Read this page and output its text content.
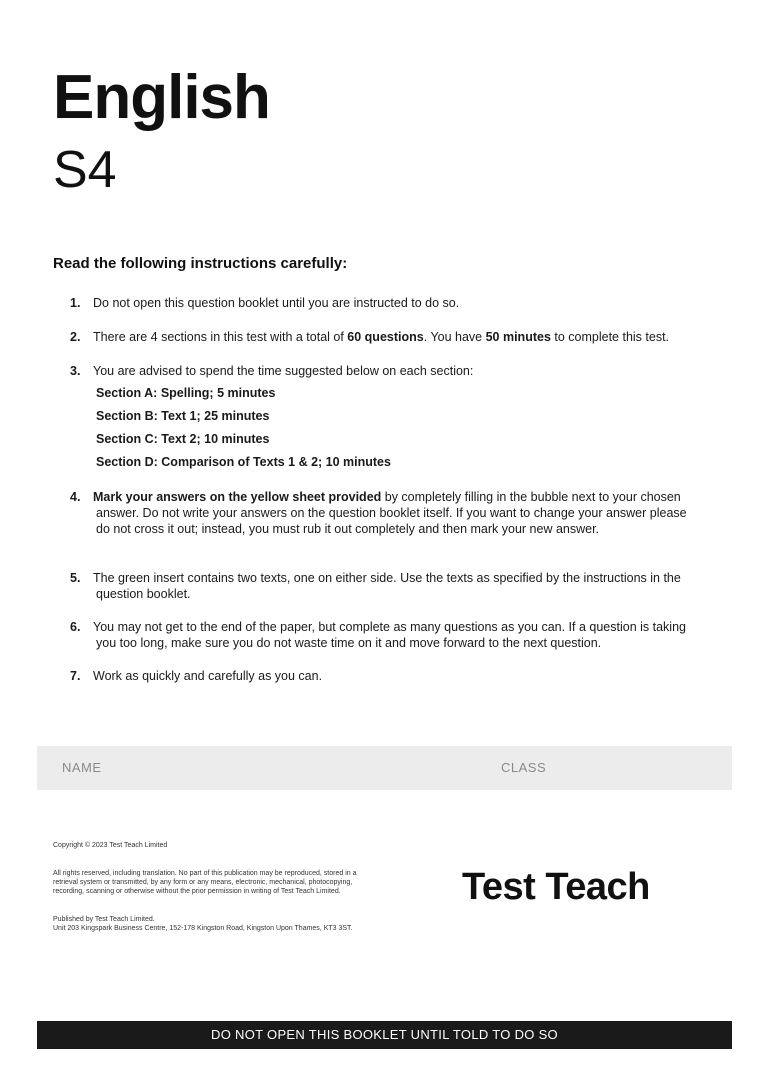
English
S4
Read the following instructions carefully:
1.	Do not open this question booklet until you are instructed to do so.
2.	There are 4 sections in this test with a total of 60 questions. You have 50 minutes to complete this test.
3.	You are advised to spend the time suggested below on each section:
Section A: Spelling; 5 minutes
Section B: Text 1; 25 minutes
Section C: Text 2; 10 minutes
Section D: Comparison of Texts 1 & 2; 10 minutes
4.	Mark your answers on the yellow sheet provided by completely filling in the bubble next to your chosen answer. Do not write your answers on the question booklet itself. If you want to change your answer please do not cross it out; instead, you must rub it out completely and then mark your new answer.
5.	The green insert contains two texts, one on either side. Use the texts as specified by the instructions in the question booklet.
6.	You may not get to the end of the paper, but complete as many questions as you can. If a question is taking you too long, make sure you do not waste time on it and move forward to the next question.
7.	Work as quickly and carefully as you can.
NAME	CLASS

Copyright © 2023 Test Teach Limited

All rights reserved, including translation. No part of this publication may be reproduced, stored in a retrieval system or transmitted, by any form or any means, electronic, mechanical, photocopying, recording, scanning or otherwise without the prior permission in writing of Test Teach Limited.

Published by Test Teach Limited.

Unit 203 Kingspark Business Centre, 152-178 Kingston Road, Kingston Upon Thames, KT3 3ST.

Test Teach
DO NOT OPEN THIS BOOKLET UNTIL TOLD TO DO SO
